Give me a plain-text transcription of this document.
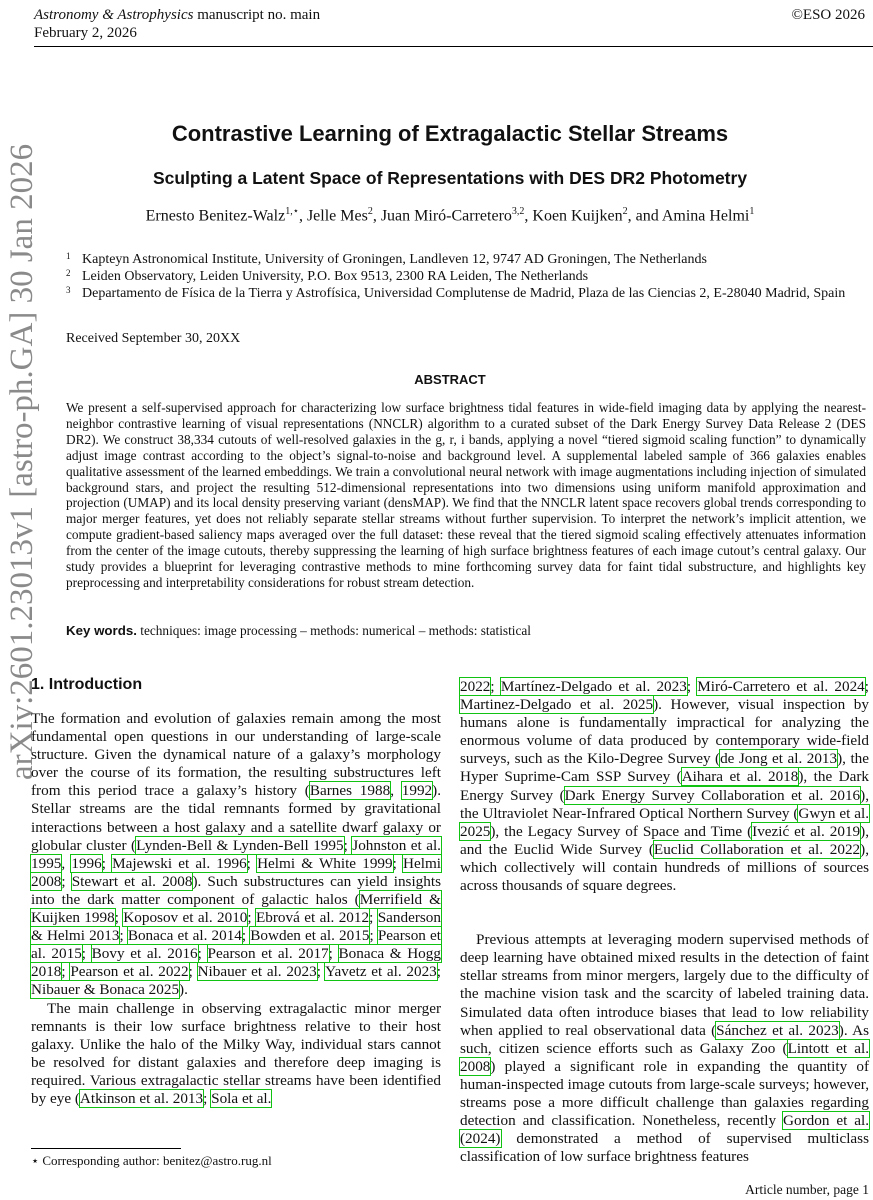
Astronomy & Astrophysics manuscript no. main
February 2, 2026
©ESO 2026
arXiv:2601.23013v1 [astro-ph.GA] 30 Jan 2026
Contrastive Learning of Extragalactic Stellar Streams
Sculpting a Latent Space of Representations with DES DR2 Photometry
Ernesto Benitez-Walz$^{1,⋆}$, Jelle Mes$^2$, Juan Miró-Carretero$^{3,2}$, Koen Kuijken$^2$, and Amina Helmi$^1$
1 Kapteyn Astronomical Institute, University of Groningen, Landleven 12, 9747 AD Groningen, The Netherlands
2 Leiden Observatory, Leiden University, P.O. Box 9513, 2300 RA Leiden, The Netherlands
3 Departamento de Física de la Tierra y Astrofísica, Universidad Complutense de Madrid, Plaza de las Ciencias 2, E-28040 Madrid, Spain
Received September 30, 20XX
ABSTRACT
We present a self-supervised approach for characterizing low surface brightness tidal features in wide-field imaging data by applying the nearest-neighbor contrastive learning of visual representations (NNCLR) algorithm to a curated subset of the Dark Energy Survey Data Release 2 (DES DR2). We construct 38,334 cutouts of well-resolved galaxies in the g, r, i bands, applying a novel “tiered sigmoid scaling function” to dynamically adjust image contrast according to the object’s signal-to-noise and background level. A supplemental labeled sample of 366 galaxies enables qualitative assessment of the learned embeddings. We train a convolutional neural network with image augmentations including injection of simulated background stars, and project the resulting 512-dimensional representations into two dimensions using uniform manifold approximation and projection (UMAP) and its local density preserving variant (densMAP). We find that the NNCLR latent space recovers global trends corresponding to major merger features, yet does not reliably separate stellar streams without further supervision. To interpret the network’s implicit attention, we compute gradient-based saliency maps averaged over the full dataset: these reveal that the tiered sigmoid scaling effectively attenuates information from the center of the image cutouts, thereby suppressing the learning of high surface brightness features of each image cutout’s central galaxy. Our study provides a blueprint for leveraging contrastive methods to mine forthcoming survey data for faint tidal substructure, and highlights key preprocessing and interpretability considerations for robust stream detection.
Key words. techniques: image processing – methods: numerical – methods: statistical
1. Introduction

The formation and evolution of galaxies remain among the most fundamental open questions in our understanding of large-scale structure. Given the dynamical nature of a galaxy’s morphology over the course of its formation, the resulting substructures left from this period trace a galaxy’s history (Barnes 1988, 1992). Stellar streams are the tidal remnants formed by gravitational interactions between a host galaxy and a satellite dwarf galaxy or globular cluster (Lynden-Bell & Lynden-Bell 1995; Johnston et al. 1995, 1996; Majewski et al. 1996; Helmi & White 1999; Helmi 2008; Stewart et al. 2008). Such substructures can yield insights into the dark matter component of galactic halos (Merrifield & Kuijken 1998; Koposov et al. 2010; Ebrová et al. 2012; Sanderson & Helmi 2013; Bonaca et al. 2014; Bowden et al. 2015; Pearson et al. 2015; Bovy et al. 2016; Pearson et al. 2017; Bonaca & Hogg 2018; Pearson et al. 2022; Nibauer et al. 2023; Yavetz et al. 2023; Nibauer & Bonaca 2025).

The main challenge in observing extragalactic minor merger remnants is their low surface brightness relative to their host galaxy. Unlike the halo of the Milky Way, individual stars cannot be resolved for distant galaxies and therefore deep imaging is required. Various extragalactic stellar streams have been identified by eye (Atkinson et al. 2013; Sola et al.

2022; Martínez-Delgado et al. 2023; Miró-Carretero et al. 2024; Martinez-Delgado et al. 2025). However, visual inspection by humans alone is fundamentally impractical for analyzing the enormous volume of data produced by contemporary wide-field surveys, such as the Kilo-Degree Survey (de Jong et al. 2013), the Hyper Suprime-Cam SSP Survey (Aihara et al. 2018), the Dark Energy Survey (Dark Energy Survey Collaboration et al. 2016), the Ultraviolet Near-Infrared Optical Northern Survey (Gwyn et al. 2025), the Legacy Survey of Space and Time (Ivezić et al. 2019), and the Euclid Wide Survey (Euclid Collaboration et al. 2022), which collectively will contain hundreds of millions of sources across thousands of square degrees.

Previous attempts at leveraging modern supervised methods of deep learning have obtained mixed results in the detection of faint stellar streams from minor mergers, largely due to the difficulty of the machine vision task and the scarcity of labeled training data. Simulated data often introduce biases that lead to low reliability when applied to real observational data (Sánchez et al. 2023). As such, citizen science efforts such as Galaxy Zoo (Lintott et al. 2008) played a significant role in expanding the quantity of human-inspected image cutouts from large-scale surveys; however, streams pose a more difficult challenge than galaxies regarding detection and classification. Nonetheless, recently Gordon et al. (2024) demonstrated a method of supervised multiclass classification of low surface brightness features

⋆ Corresponding author: benitez@astro.rug.nl
Article number, page 1
